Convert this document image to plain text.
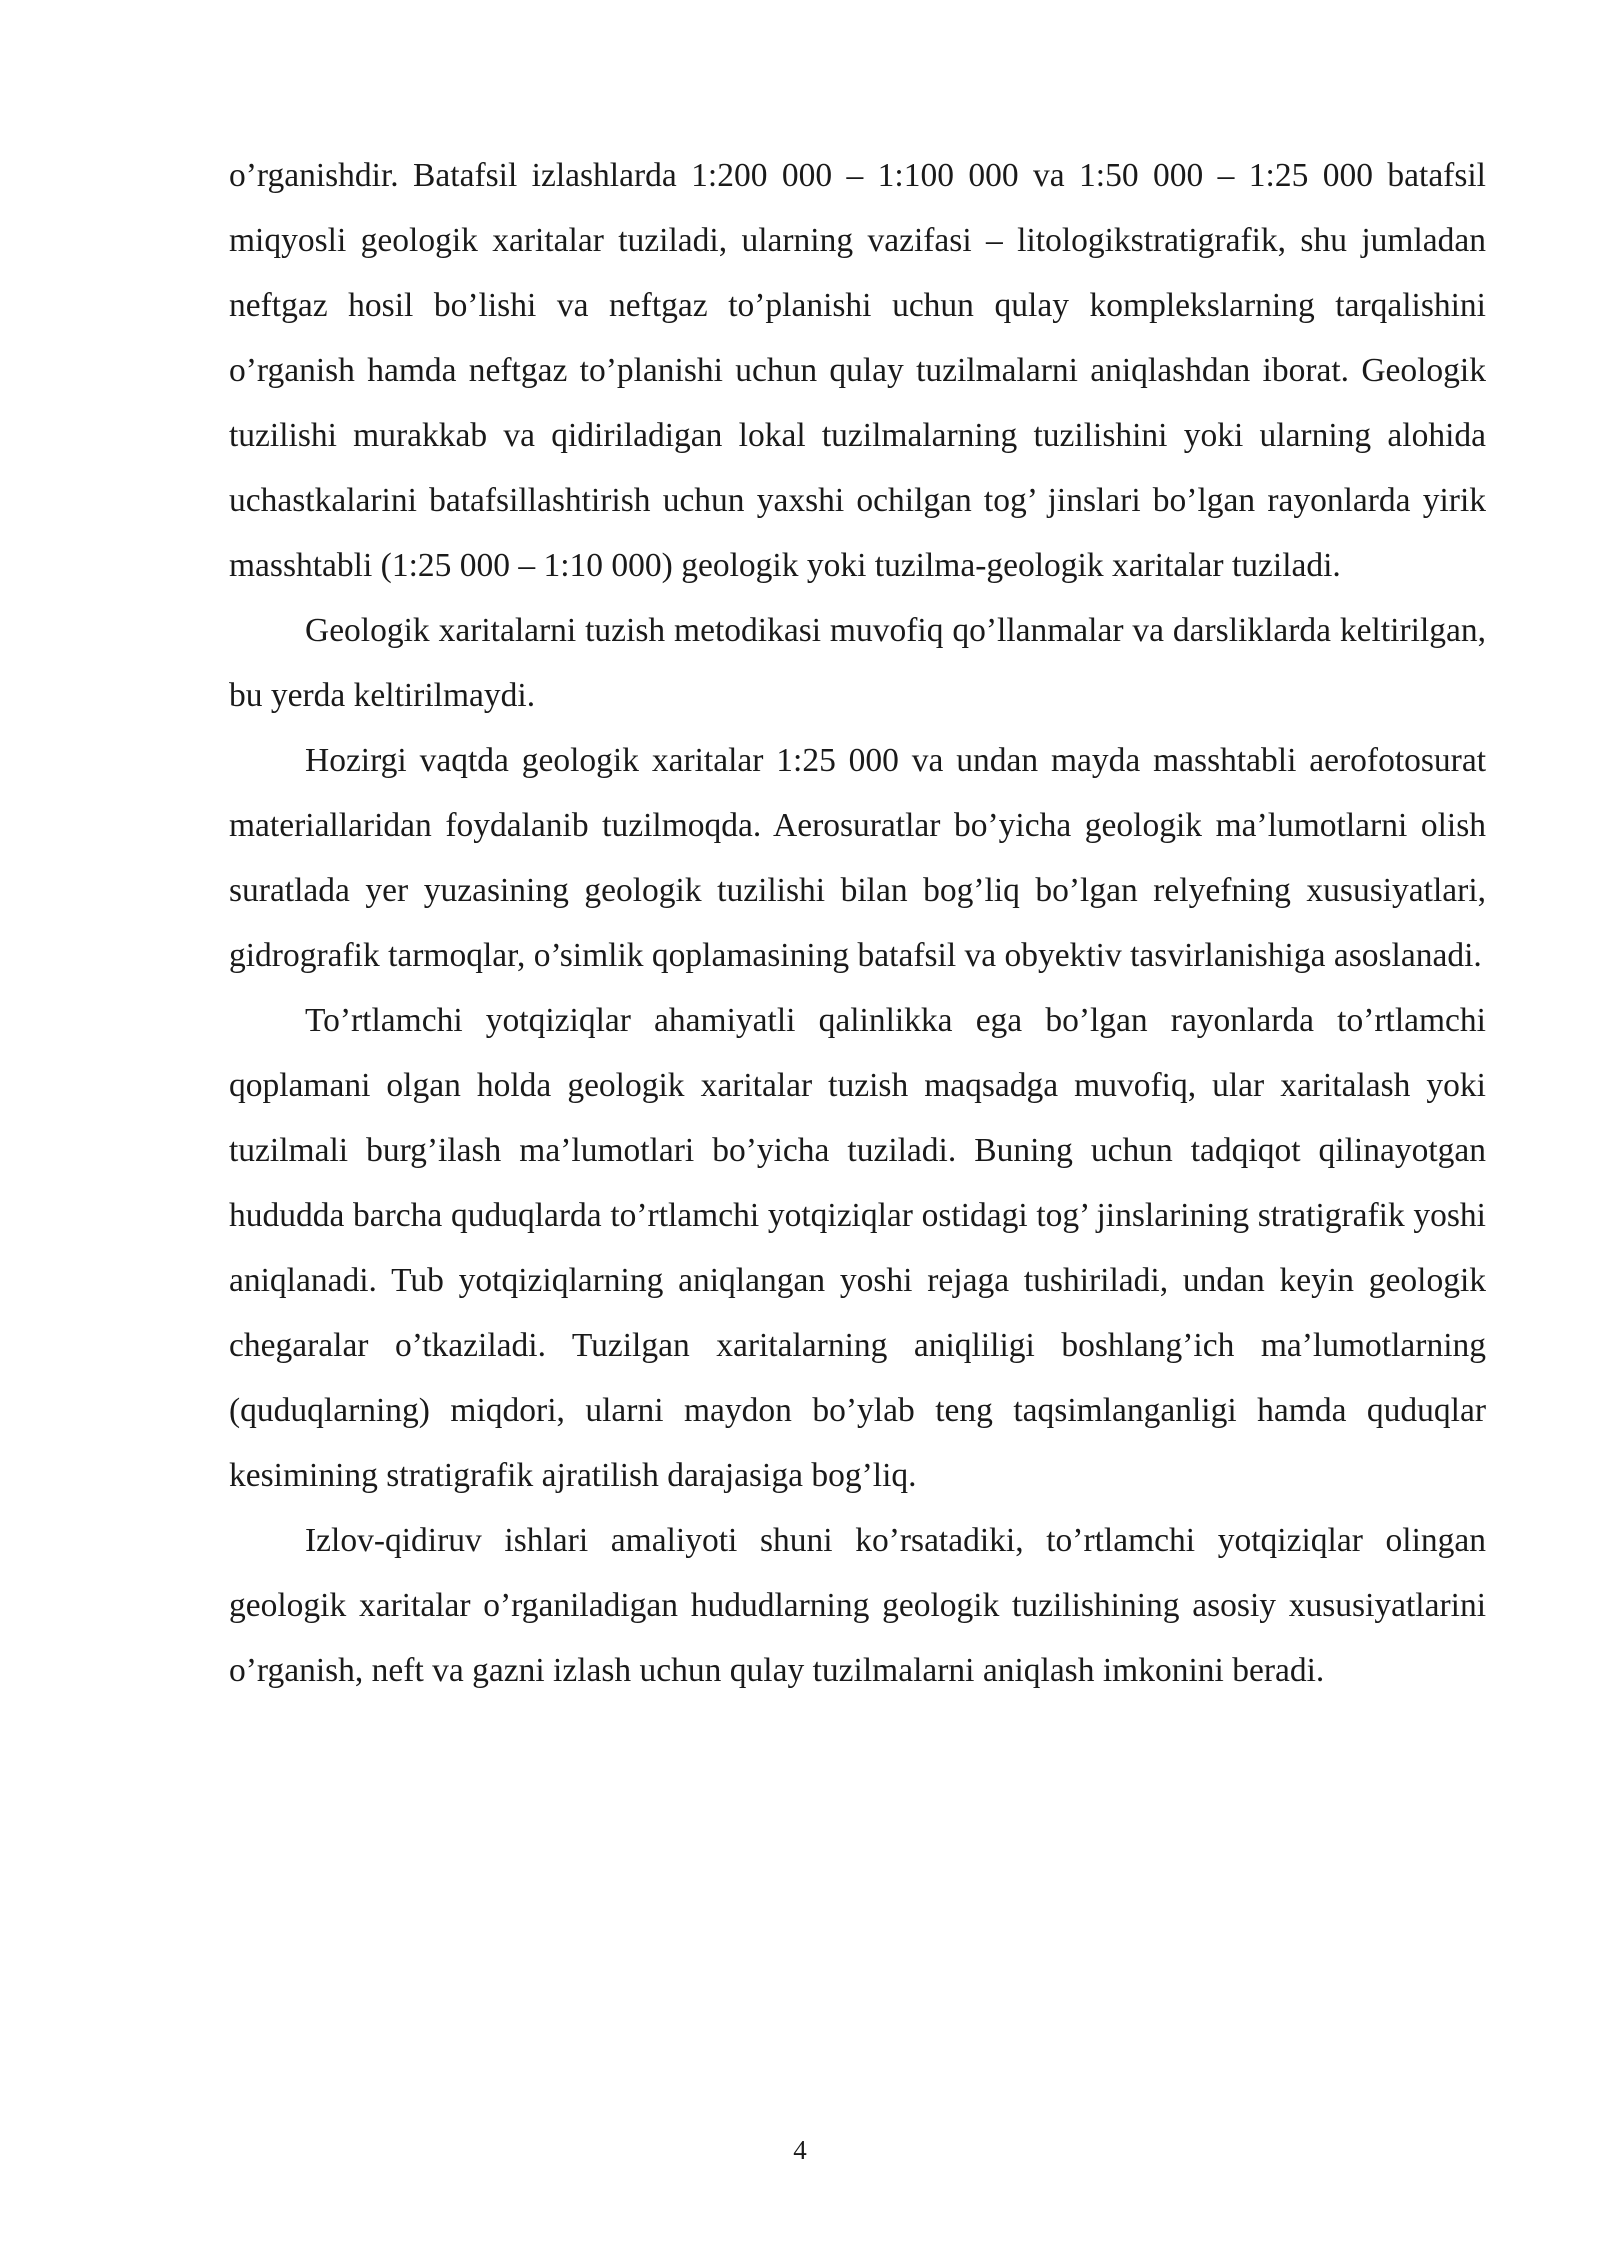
o’rganishdir. Batafsil izlashlarda 1:200 000 – 1:100 000 va 1:50 000 – 1:25 000 batafsil miqyosli geologik xaritalar tuziladi, ularning vazifasi – litologikstratigrafik, shu jumladan neftgaz hosil bo’lishi va neftgaz to’planishi uchun qulay komplekslarning tarqalishini o’rganish hamda neftgaz to’planishi uchun qulay tuzilmalarni aniqlashdan iborat. Geologik tuzilishi murakkab va qidiriladigan lokal tuzilmalarning tuzilishini yoki ularning alohida uchastkalarini batafsillashtirish uchun yaxshi ochilgan tog’ jinslari bo’lgan rayonlarda yirik masshtabli (1:25 000 – 1:10 000) geologik yoki tuzilma-geologik xaritalar tuziladi.

Geologik xaritalarni tuzish metodikasi muvofiq qo’llanmalar va darsliklarda keltirilgan, bu yerda keltirilmaydi.

Hozirgi vaqtda geologik xaritalar 1:25 000 va undan mayda masshtabli aerofotosurat materiallaridan foydalanib tuzilmoqda. Aerosuratlar bo’yicha geologik ma’lumotlarni olish suratlada yer yuzasining geologik tuzilishi bilan bog’liq bo’lgan relyefning xususiyatlari, gidrografik tarmoqlar, o’simlik qoplamasining batafsil va obyektiv tasvirlanishiga asoslanadi.

To’rtlamchi yotqiziqlar ahamiyatli qalinlikka ega bo’lgan rayonlarda to’rtlamchi qoplamani olgan holda geologik xaritalar tuzish maqsadga muvofiq, ular xaritalash yoki tuzilmali burg’ilash ma’lumotlari bo’yicha tuziladi. Buning uchun tadqiqot qilinayotgan hududda barcha quduqlarda to’rtlamchi yotqiziqlar ostidagi tog’ jinslarining stratigrafik yoshi aniqlanadi. Tub yotqiziqlarning aniqlangan yoshi rejaga tushiriladi, undan keyin geologik chegaralar o’tkaziladi. Tuzilgan xaritalarning aniqliligi boshlang’ich ma’lumotlarning (quduqlarning) miqdori, ularni maydon bo’ylab teng taqsimlanganligi hamda quduqlar kesimining stratigrafik ajratilish darajasiga bog’liq.

Izlov-qidiruv ishlari amaliyoti shuni ko’rsatadiki, to’rtlamchi yotqiziqlar olingan geologik xaritalar o’rganiladigan hududlarning geologik tuzilishining asosiy xususiyatlarini o’rganish, neft va gazni izlash uchun qulay tuzilmalarni aniqlash imkonini beradi.

4
